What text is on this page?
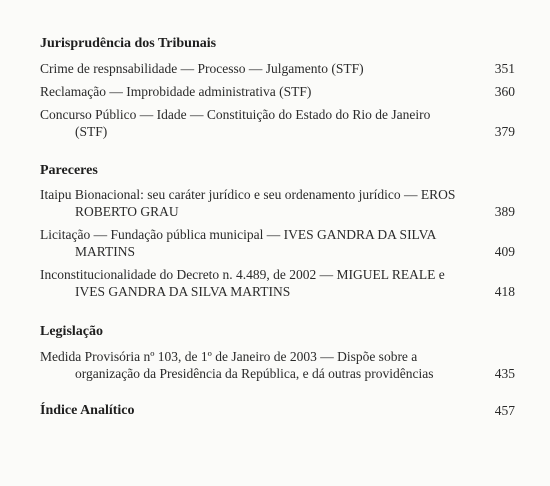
Jurisprudência dos Tribunais
Crime de respnsabilidade — Processo — Julgamento (STF)	351
Reclamação — Improbidade administrativa (STF)	360
Concurso Público — Idade — Constituição do Estado do Rio de Janeiro (STF)	379
Pareceres
Itaipu Bionacional: seu caráter jurídico e seu ordenamento jurídico — EROS ROBERTO GRAU	389
Licitação — Fundação pública municipal — IVES GANDRA DA SILVA MARTINS	409
Inconstitucionalidade do Decreto n. 4.489, de 2002 — MIGUEL REALE e IVES GANDRA DA SILVA MARTINS	418
Legislação
Medida Provisória nº 103, de 1º de Janeiro de 2003 — Dispõe sobre a organização da Presidência da República, e dá outras providências	435
Índice Analítico	457
